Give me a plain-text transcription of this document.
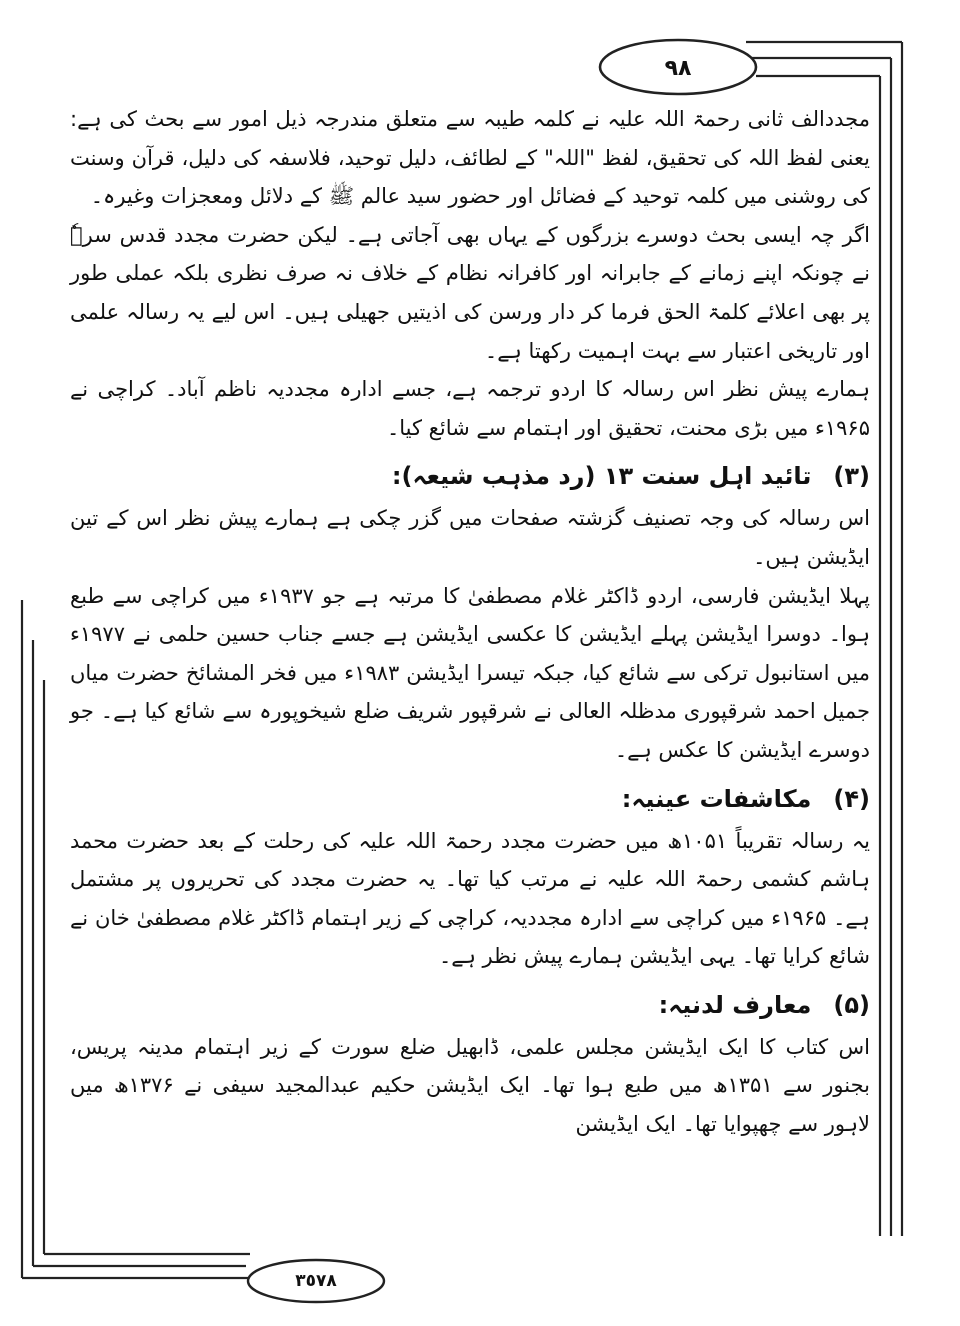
٩٨
٣٥٧٨

مجددالف ثانی رحمۃ اللہ علیہ نے کلمہ طیبہ سے متعلق مندرجہ ذیل امور سے بحث کی ہے: یعنی لفظ اللہ کی تحقیق، لفظ "اللہ" کے لطائف، دلیل توحید، فلاسفہ کی دلیل، قرآن وسنت کی روشنی میں کلمہ توحید کے فضائل اور حضور سید عالم ﷺ کے دلائل ومعجزات وغیرہ۔

اگر چہ ایسی بحث دوسرے بزرگوں کے یہاں بھی آجاتی ہے۔ لیکن حضرت مجدد قدس سرہٗ نے چونکہ اپنے زمانے کے جابرانہ اور کافرانہ نظام کے خلاف نہ صرف نظری بلکہ عملی طور پر بھی اعلائے کلمۃ الحق فرما کر دار ورسن کی اذیتیں جھیلی ہیں۔ اس لیے یہ رسالہ علمی اور تاریخی اعتبار سے بہت اہمیت رکھتا ہے۔

ہمارے پیش نظر اس رسالہ کا اردو ترجمہ ہے، جسے ادارہ مجددیہ ناظم آباد۔ کراچی نے ۱۹۶۵ء میں بڑی محنت، تحقیق اور اہتمام سے شائع کیا۔

(۳)تائید اہل سنت ١٣ (رد مذہب شیعہ):

اس رسالہ کی وجہ تصنیف گزشتہ صفحات میں گزر چکی ہے ہمارے پیش نظر اس کے تین ایڈیشن ہیں۔

پہلا ایڈیشن فارسی، اردو ڈاکٹر غلام مصطفیٰ کا مرتبہ ہے جو ۱۹۳۷ء میں کراچی سے طبع ہوا۔ دوسرا ایڈیشن پہلے ایڈیشن کا عکسی ایڈیشن ہے جسے جناب حسین حلمی نے ۱۹۷۷ء میں استانبول ترکی سے شائع کیا، جبکہ تیسرا ایڈیشن ۱۹۸۳ء میں فخر المشائخ حضرت میاں جمیل احمد شرقپوری مدظلہ العالی نے شرقپور شریف ضلع شیخوپورہ سے شائع کیا ہے۔ جو دوسرے ایڈیشن کا عکس ہے۔

(۴)مکاشفات عینیہ:

یہ رسالہ تقریباً ۱۰۵۱ھ میں حضرت مجدد رحمۃ اللہ علیہ کی رحلت کے بعد حضرت محمد ہاشم کشمی رحمۃ اللہ علیہ نے مرتب کیا تھا۔ یہ حضرت مجدد کی تحریروں پر مشتمل ہے۔ ۱۹۶۵ء میں کراچی سے ادارہ مجددیہ، کراچی کے زیر اہتمام ڈاکٹر غلام مصطفیٰ خان نے شائع کرایا تھا۔ یہی ایڈیشن ہمارے پیش نظر ہے۔

(۵)معارف لدنیہ:

اس کتاب کا ایک ایڈیشن مجلس علمی، ڈابھیل ضلع سورت کے زیر اہتمام مدینہ پریس، بجنور سے ۱۳۵۱ھ میں طبع ہوا تھا۔ ایک ایڈیشن حکیم عبدالمجید سیفی نے ۱۳۷۶ھ میں لاہور سے چھپوایا تھا۔ ایک ایڈیشن
